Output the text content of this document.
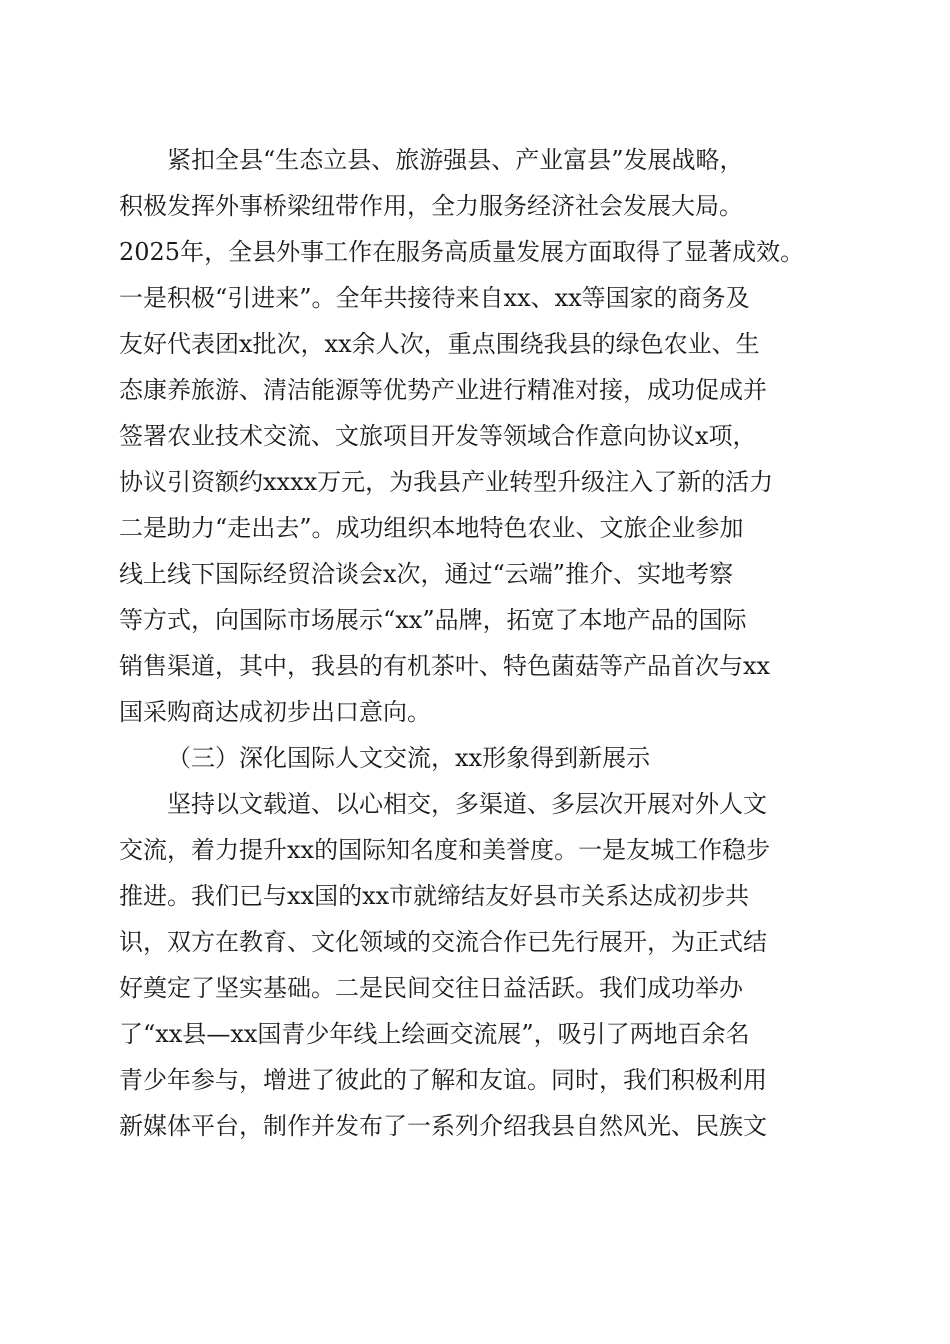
紧扣全县“生态立县、旅游强县、产业富县”发展战略，
积极发挥外事桥梁纽带作用，全力服务经济社会发展大局。
2025年，全县外事工作在服务高质量发展方面取得了显著成效。
一是积极“引进来”。全年共接待来自xx、xx等国家的商务及
友好代表团x批次，xx余人次，重点围绕我县的绿色农业、生
态康养旅游、清洁能源等优势产业进行精准对接，成功促成并
签署农业技术交流、文旅项目开发等领域合作意向协议x项，
协议引资额约xxxx万元，为我县产业转型升级注入了新的活力
二是助力“走出去”。成功组织本地特色农业、文旅企业参加
线上线下国际经贸洽谈会x次，通过“云端”推介、实地考察
等方式，向国际市场展示“xx”品牌，拓宽了本地产品的国际
销售渠道，其中，我县的有机茶叶、特色菌菇等产品首次与xx
国采购商达成初步出口意向。
（三）深化国际人文交流，xx形象得到新展示
坚持以文载道、以心相交，多渠道、多层次开展对外人文
交流，着力提升xx的国际知名度和美誉度。一是友城工作稳步
推进。我们已与xx国的xx市就缔结友好县市关系达成初步共
识，双方在教育、文化领域的交流合作已先行展开，为正式结
好奠定了坚实基础。二是民间交往日益活跃。我们成功举办
了“xx县—xx国青少年线上绘画交流展”，吸引了两地百余名
青少年参与，增进了彼此的了解和友谊。同时，我们积极利用
新媒体平台，制作并发布了一系列介绍我县自然风光、民族文
